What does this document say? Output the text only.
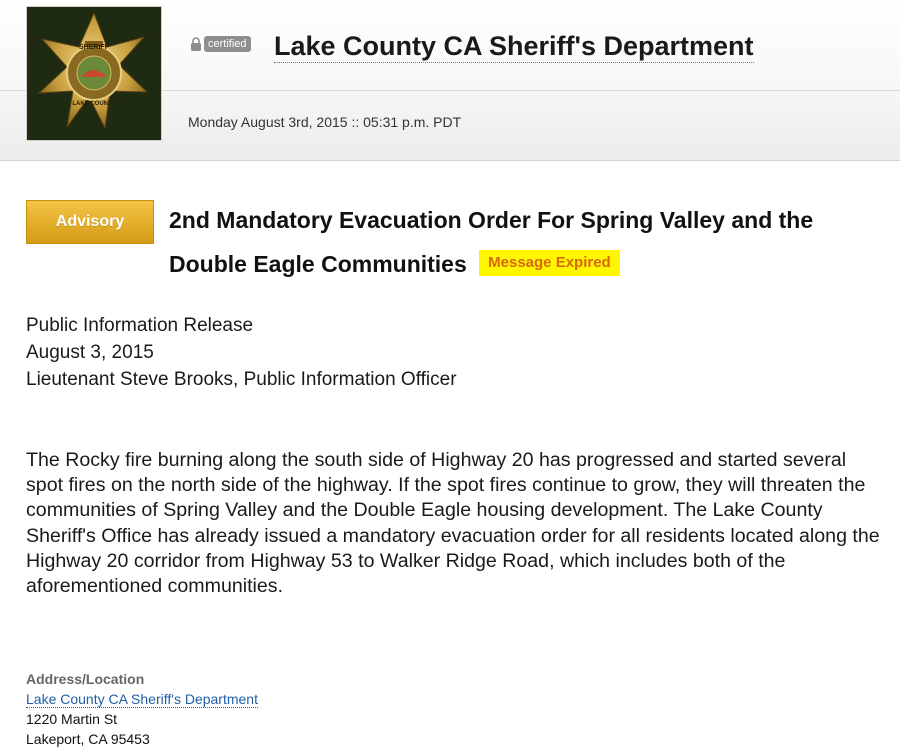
SHERIFF
LAKE COUNTY
certified Lake County CA Sheriff's Department
Monday August 3rd, 2015 :: 05:31 p.m. PDT
Advisory	2nd Mandatory Evacuation Order For Spring Valley and the Double Eagle Communities Message Expired
Public Information Release
August 3, 2015
Lieutenant Steve Brooks, Public Information Officer
The Rocky fire burning along the south side of Highway 20 has progressed and started several spot fires on the north side of the highway. If the spot fires continue to grow, they will threaten the communities of Spring Valley and the Double Eagle housing development. The Lake County Sheriff's Office has already issued a mandatory evacuation order for all residents located along the Highway 20 corridor from Highway 53 to Walker Ridge Road, which includes both of the aforementioned communities.
Address/Location
Lake County CA Sheriff's Department
1220 Martin St
Lakeport, CA 95453
